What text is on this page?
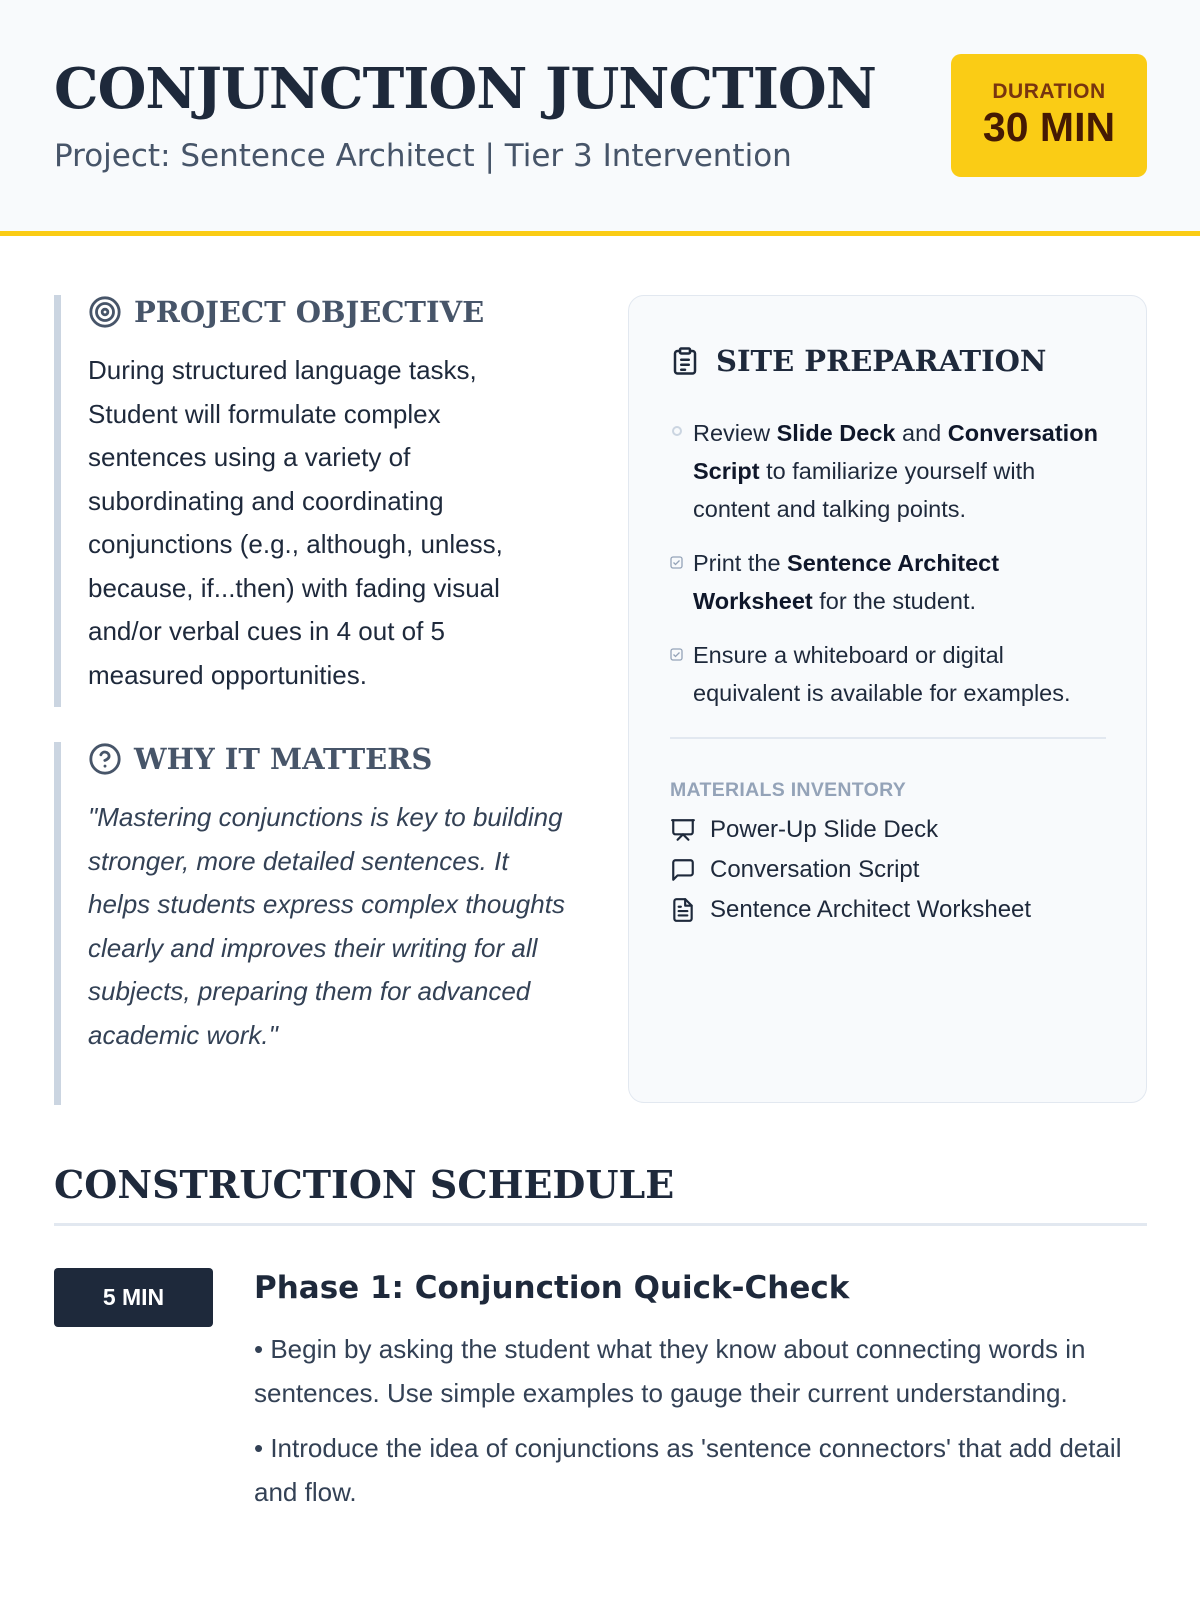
CONJUNCTION JUNCTION
Project: Sentence Architect | Tier 3 Intervention
DURATION
30 MIN
PROJECT OBJECTIVE

During structured language tasks, Student will formulate complex sentences using a variety of subordinating and coordinating conjunctions (e.g., although, unless, because, if...then) with fading visual and/or verbal cues in 4 out of 5 measured opportunities.

WHY IT MATTERS

"Mastering conjunctions is key to building stronger, more detailed sentences. It helps students express complex thoughts clearly and improves their writing for all subjects, preparing them for advanced academic work."

SITE PREPARATION
Review Slide Deck and Conversation Script to familiarize yourself with content and talking points.
Print the Sentence Architect Worksheet for the student.
Ensure a whiteboard or digital equivalent is available for examples.
MATERIALS INVENTORY
Power-Up Slide Deck
Conversation Script
Sentence Architect Worksheet
CONSTRUCTION SCHEDULE
5 MIN	Phase 1: Conjunction Quick-Check
• Begin by asking the student what they know about connecting words in sentences. Use simple examples to gauge their current understanding.
• Introduce the idea of conjunctions as 'sentence connectors' that add detail and flow.
